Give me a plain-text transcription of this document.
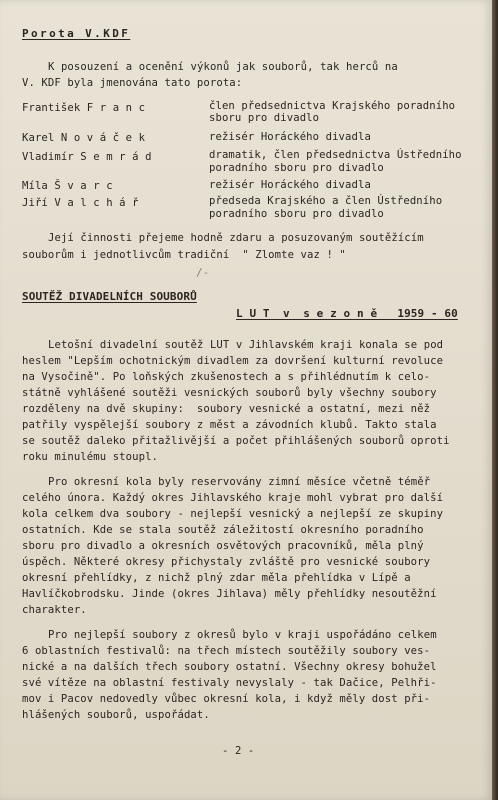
Porota V.KDF
K posouzení a ocenění výkonů jak souborů, tak herců na
V. KDF byla jmenována tato porota:
František F r a n c	člen předsednictva Krajského poradního
sboru pro divadlo
Karel N o v á č e k	režisér Horáckého divadla
Vladimír S e m r á d	dramatik, člen předsednictva Ústředního
poradního sboru pro divadlo
Míla Š v a r c	režisér Horáckého divadla
Jiří V a l c h á ř	předseda Krajského a člen Ústředního
poradního sboru pro divadlo
Její činnosti přejeme hodně zdaru a posuzovaným soutěžícím
souborům i jednotlivcům tradiční  " Zlomte vaz ! "
/-
SOUTĚŽ DIVADELNÍCH SOUBORŮ
L U T  v  s e z o n ě   1959 - 60
Letošní divadelní soutěž LUT v Jihlavském kraji konala se pod
heslem "Lepším ochotnickým divadlem za dovršení kulturní revoluce
na Vysočině". Po loňských zkušenostech a s přihlédnutím k celo-
státně vyhlášené soutěži vesnických souborů byly všechny soubory
rozděleny na dvě skupiny:  soubory vesnické a ostatní, mezi něž
patřily vyspělejší soubory z měst a závodních klubů. Takto stala
se soutěž daleko přitažlivější a počet přihlášených souborů oproti
roku minulému stoupl.
Pro okresní kola byly reservovány zimní měsíce včetně téměř
celého února. Každý okres Jihlavského kraje mohl vybrat pro další
kola celkem dva soubory - nejlepší vesnický a nejlepší ze skupiny
ostatních. Kde se stala soutěž záležitostí okresního poradního
sboru pro divadlo a okresních osvětových pracovníků, měla plný
úspěch. Některé okresy přichystaly zvláště pro vesnické soubory
okresní přehlídky, z nichž plný zdar měla přehlídka v Lípě a
Havlíčkobrodsku. Jinde (okres Jihlava) měly přehlídky nesoutěžní
charakter.
Pro nejlepší soubory z okresů bylo v kraji uspořádáno celkem
6 oblastních festivalů: na třech místech soutěžily soubory ves-
nické a na dalších třech soubory ostatní. Všechny okresy bohužel
své vítěze na oblastní festivaly nevyslaly - tak Dačice, Pelhři-
mov i Pacov nedovedly vůbec okresní kola, i když měly dost při-
hlášených souborů, uspořádat.
- 2 -
